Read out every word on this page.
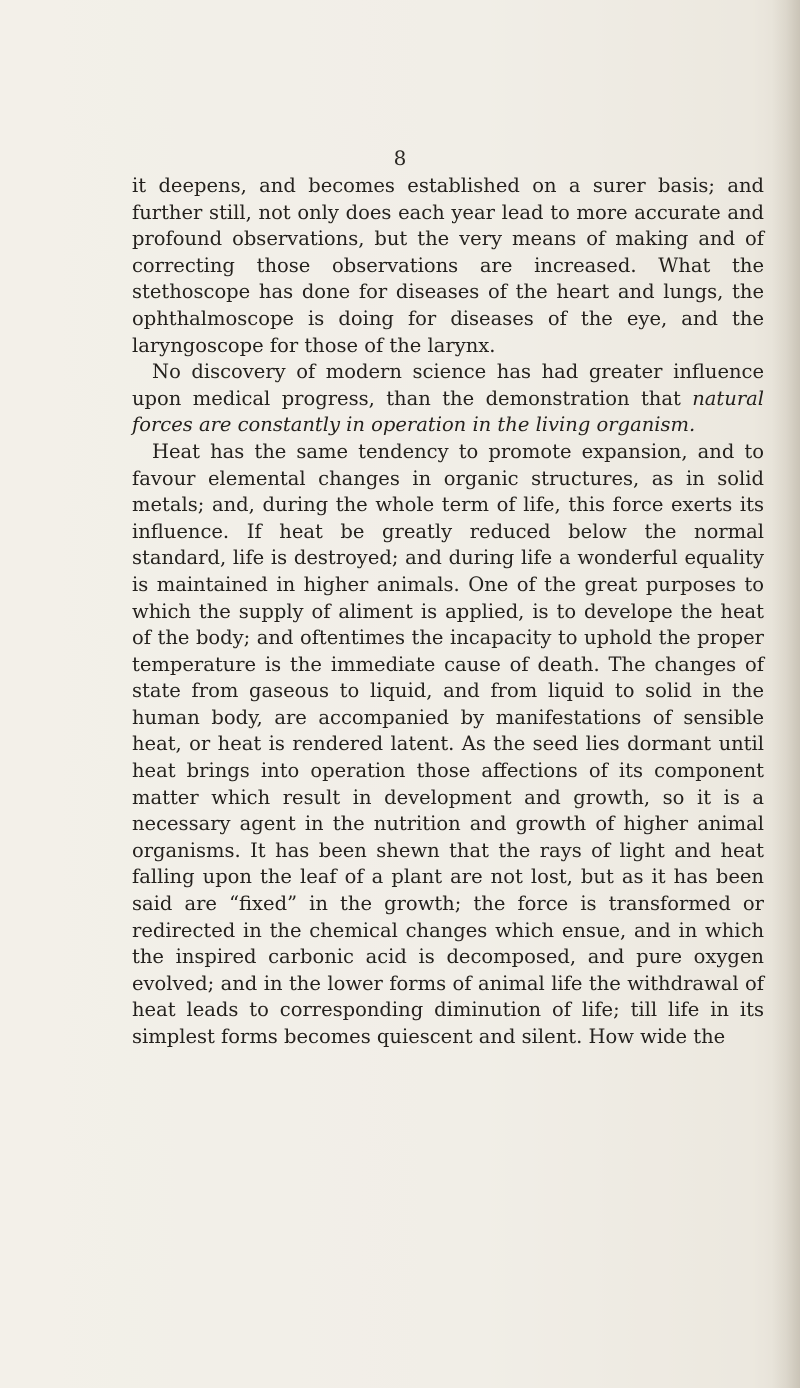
8

it deepens, and becomes established on a surer basis; and further still, not only does each year lead to more accurate and profound observations, but the very means of making and of correcting those observations are increased. What the stethoscope has done for diseases of the heart and lungs, the ophthalmoscope is doing for diseases of the eye, and the laryngoscope for those of the larynx.

No discovery of modern science has had greater influence upon medical progress, than the demonstration that natural forces are constantly in operation in the living organism.

Heat has the same tendency to promote expansion, and to favour elemental changes in organic structures, as in solid metals; and, during the whole term of life, this force exerts its influence. If heat be greatly reduced below the normal standard, life is destroyed; and during life a wonderful equality is maintained in higher animals. One of the great purposes to which the supply of aliment is applied, is to develope the heat of the body; and oftentimes the incapacity to uphold the proper temperature is the immediate cause of death. The changes of state from gaseous to liquid, and from liquid to solid in the human body, are accompanied by manifestations of sensible heat, or heat is rendered latent. As the seed lies dormant until heat brings into operation those affections of its component matter which result in development and growth, so it is a necessary agent in the nutrition and growth of higher animal organisms. It has been shewn that the rays of light and heat falling upon the leaf of a plant are not lost, but as it has been said are “fixed” in the growth; the force is transformed or redirected in the chemical changes which ensue, and in which the inspired carbonic acid is decomposed, and pure oxygen evolved; and in the lower forms of animal life the withdrawal of heat leads to corresponding diminution of life; till life in its simplest forms becomes quiescent and silent. How wide the
